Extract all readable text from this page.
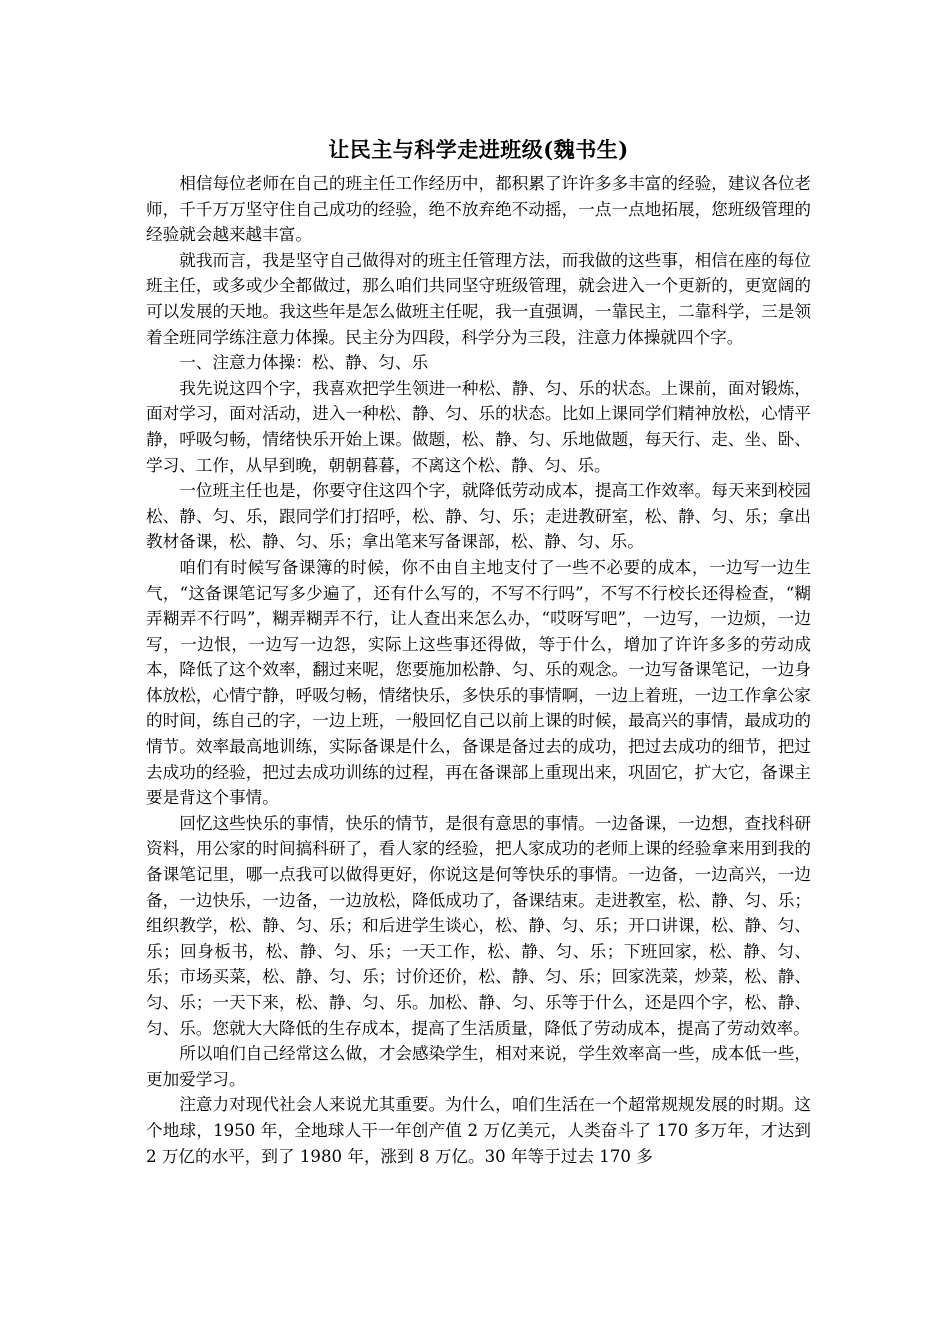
让民主与科学走进班级(魏书生)

相信每位老师在自己的班主任工作经历中，都积累了许许多多丰富的经验，建议各位老师，千千万万坚守住自己成功的经验，绝不放弃绝不动摇，一点一点地拓展，您班级管理的经验就会越来越丰富。

就我而言，我是坚守自己做得对的班主任管理方法，而我做的这些事，相信在座的每位班主任，或多或少全都做过，那么咱们共同坚守班级管理，就会进入一个更新的，更宽阔的可以发展的天地。我这些年是怎么做班主任呢，我一直强调，一靠民主，二靠科学，三是领着全班同学练注意力体操。民主分为四段，科学分为三段，注意力体操就四个字。

一、注意力体操：松、静、匀、乐

我先说这四个字，我喜欢把学生领进一种松、静、匀、乐的状态。上课前，面对锻炼，面对学习，面对活动，进入一种松、静、匀、乐的状态。比如上课同学们精神放松，心情平静，呼吸匀畅，情绪快乐开始上课。做题，松、静、匀、乐地做题，每天行、走、坐、卧、学习、工作，从早到晚，朝朝暮暮，不离这个松、静、匀、乐。

一位班主任也是，你要守住这四个字，就降低劳动成本，提高工作效率。每天来到校园松、静、匀、乐，跟同学们打招呼，松、静、匀、乐；走进教研室，松、静、匀、乐；拿出教材备课，松、静、匀、乐；拿出笔来写备课部，松、静、匀、乐。

咱们有时候写备课簿的时候，你不由自主地支付了一些不必要的成本，一边写一边生气，“这备课笔记写多少遍了，还有什么写的，不写不行吗”，不写不行校长还得检查，“糊弄糊弄不行吗”，糊弄糊弄不行，让人查出来怎么办，“哎呀写吧”，一边写，一边烦，一边写，一边恨，一边写一边怨，实际上这些事还得做，等于什么，增加了许许多多的劳动成本，降低了这个效率，翻过来呢，您要施加松静、匀、乐的观念。一边写备课笔记，一边身体放松，心情宁静，呼吸匀畅，情绪快乐，多快乐的事情啊，一边上着班，一边工作拿公家的时间，练自己的字，一边上班，一般回忆自己以前上课的时候，最高兴的事情，最成功的情节。效率最高地训练，实际备课是什么，备课是备过去的成功，把过去成功的细节，把过去成功的经验，把过去成功训练的过程，再在备课部上重现出来，巩固它，扩大它，备课主要是背这个事情。

回忆这些快乐的事情，快乐的情节，是很有意思的事情。一边备课，一边想，查找科研资料，用公家的时间搞科研了，看人家的经验，把人家成功的老师上课的经验拿来用到我的备课笔记里，哪一点我可以做得更好，你说这是何等快乐的事情。一边备，一边高兴，一边备，一边快乐，一边备，一边放松，降低成功了，备课结束。走进教室，松、静、匀、乐；组织教学，松、静、匀、乐；和后进学生谈心，松、静、匀、乐；开口讲课，松、静、匀、乐；回身板书，松、静、匀、乐；一天工作，松、静、匀、乐；下班回家，松、静、匀、乐；市场买菜，松、静、匀、乐；讨价还价，松、静、匀、乐；回家洗菜，炒菜，松、静、匀、乐；一天下来，松、静、匀、乐。加松、静、匀、乐等于什么，还是四个字，松、静、匀、乐。您就大大降低的生存成本，提高了生活质量，降低了劳动成本，提高了劳动效率。

所以咱们自己经常这么做，才会感染学生，相对来说，学生效率高一些，成本低一些，更加爱学习。

注意力对现代社会人来说尤其重要。为什么，咱们生活在一个超常规规发展的时期。这个地球，1950 年，全地球人干一年创产值 2 万亿美元，人类奋斗了 170 多万年，才达到 2 万亿的水平，到了 1980 年，涨到 8 万亿。30 年等于过去 170 多
